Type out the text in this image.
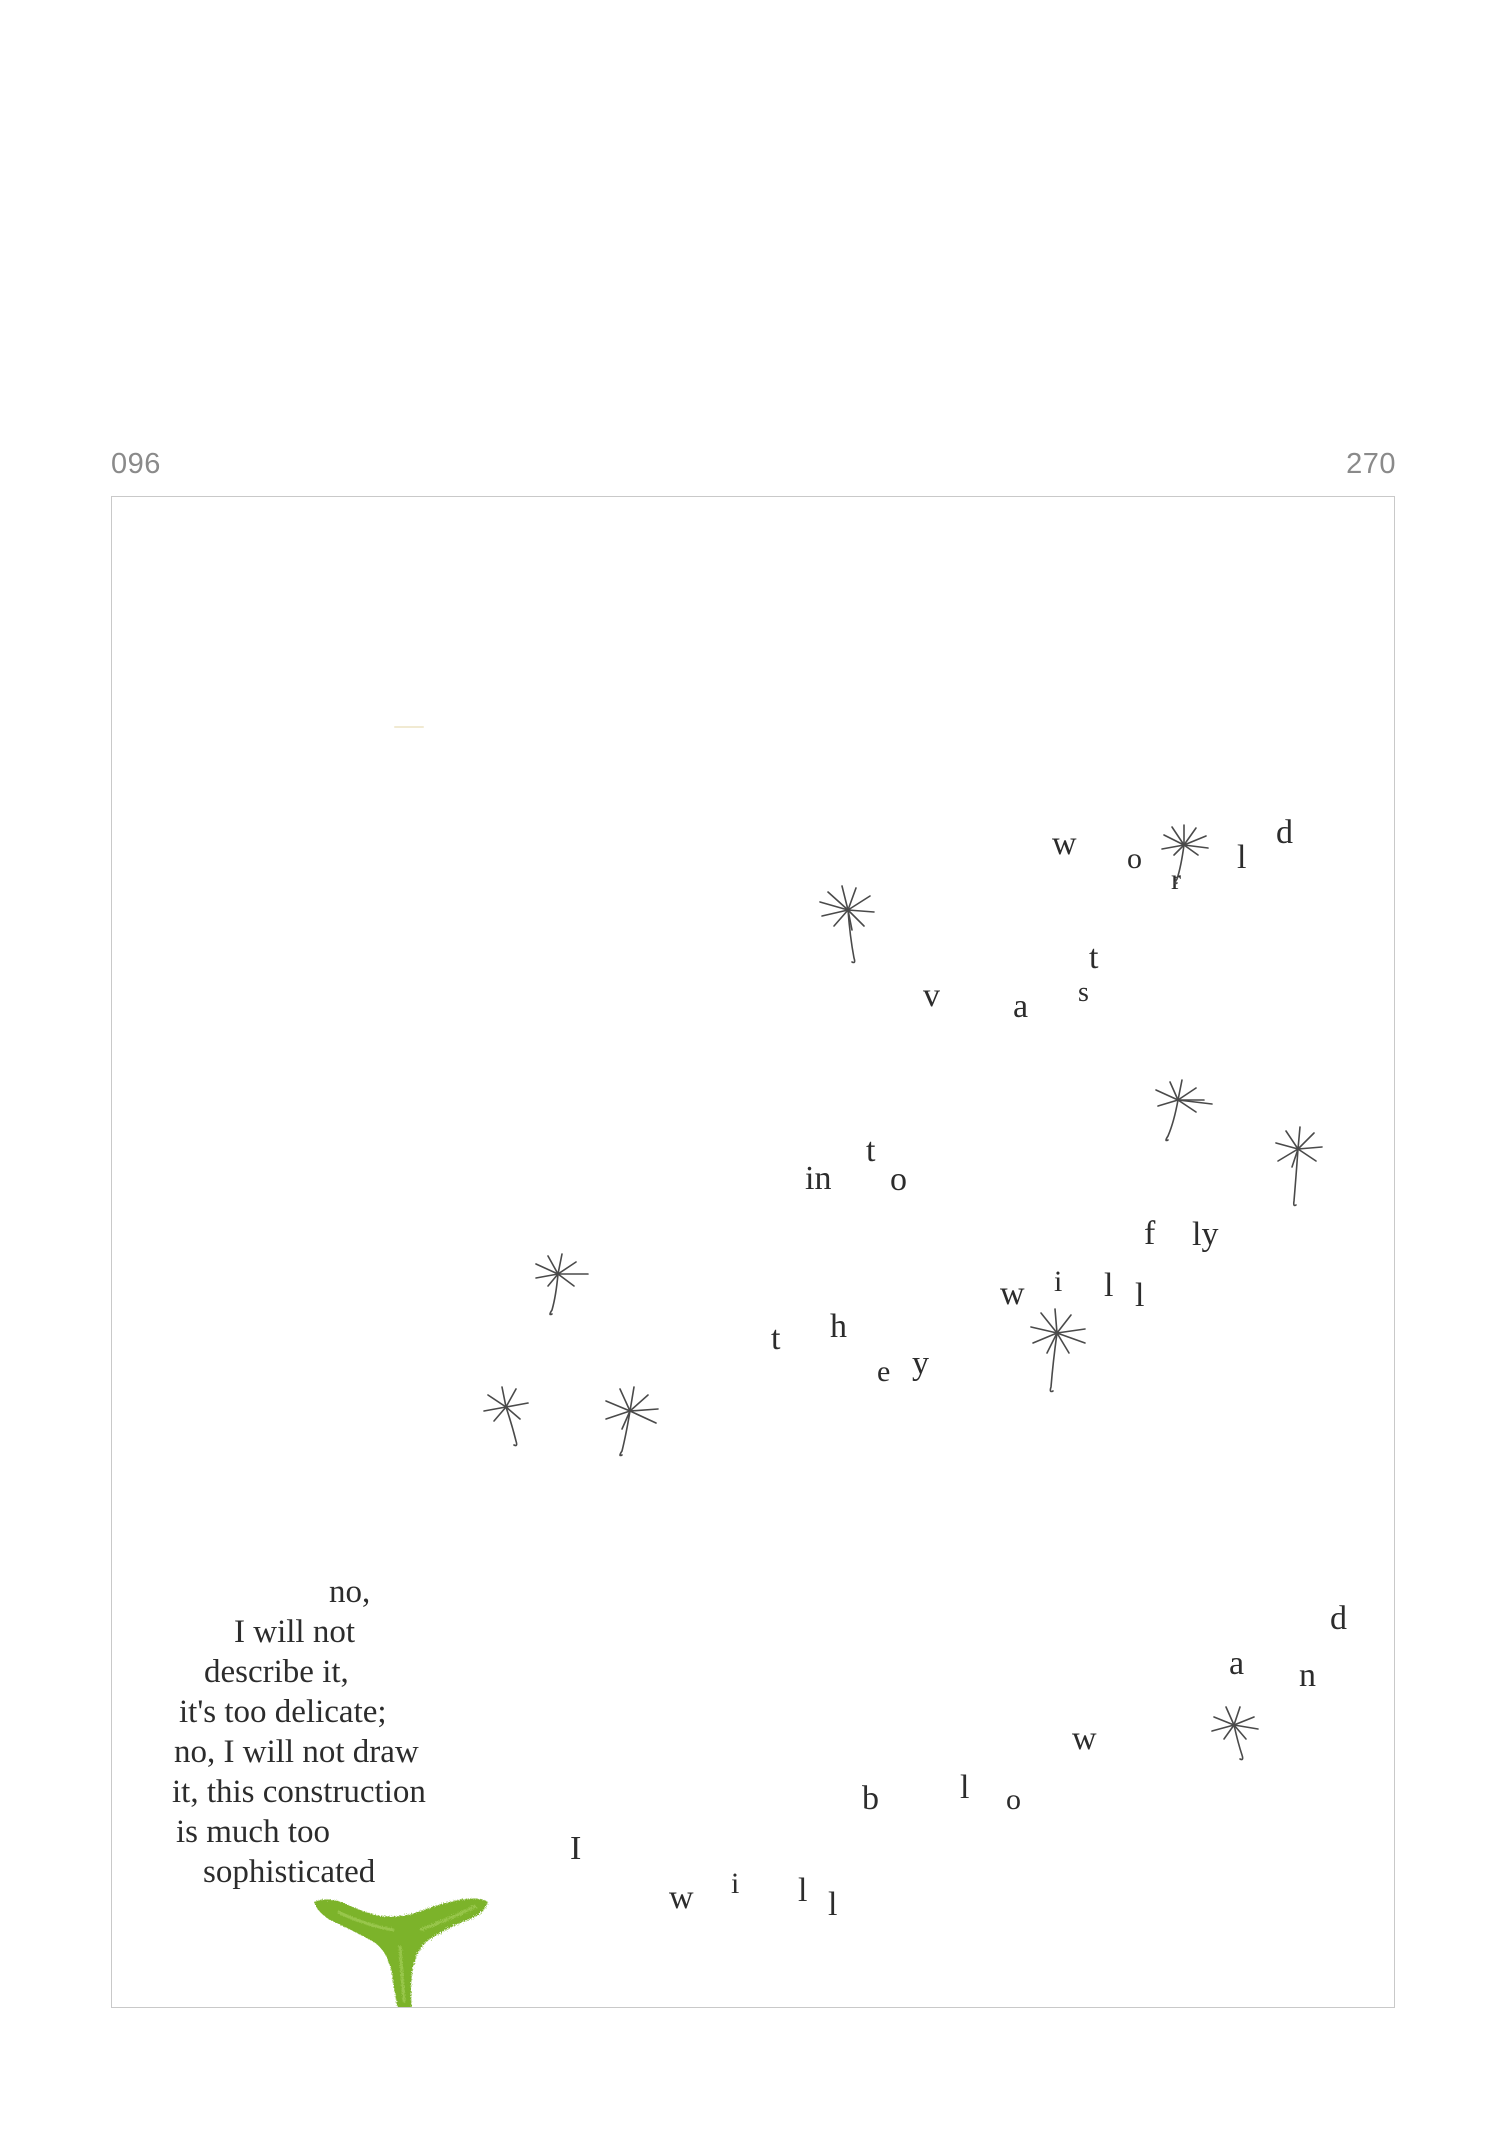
096	270
w o
r
l
d
v a s
t
in
t
o
f ly
w i l l
t h
e y
a n
d
b l o
w
I
w i l l
no,
I will not
describe it,
it's too delicate;
no, I will not draw
it, this construction
is much too
sophisticated
